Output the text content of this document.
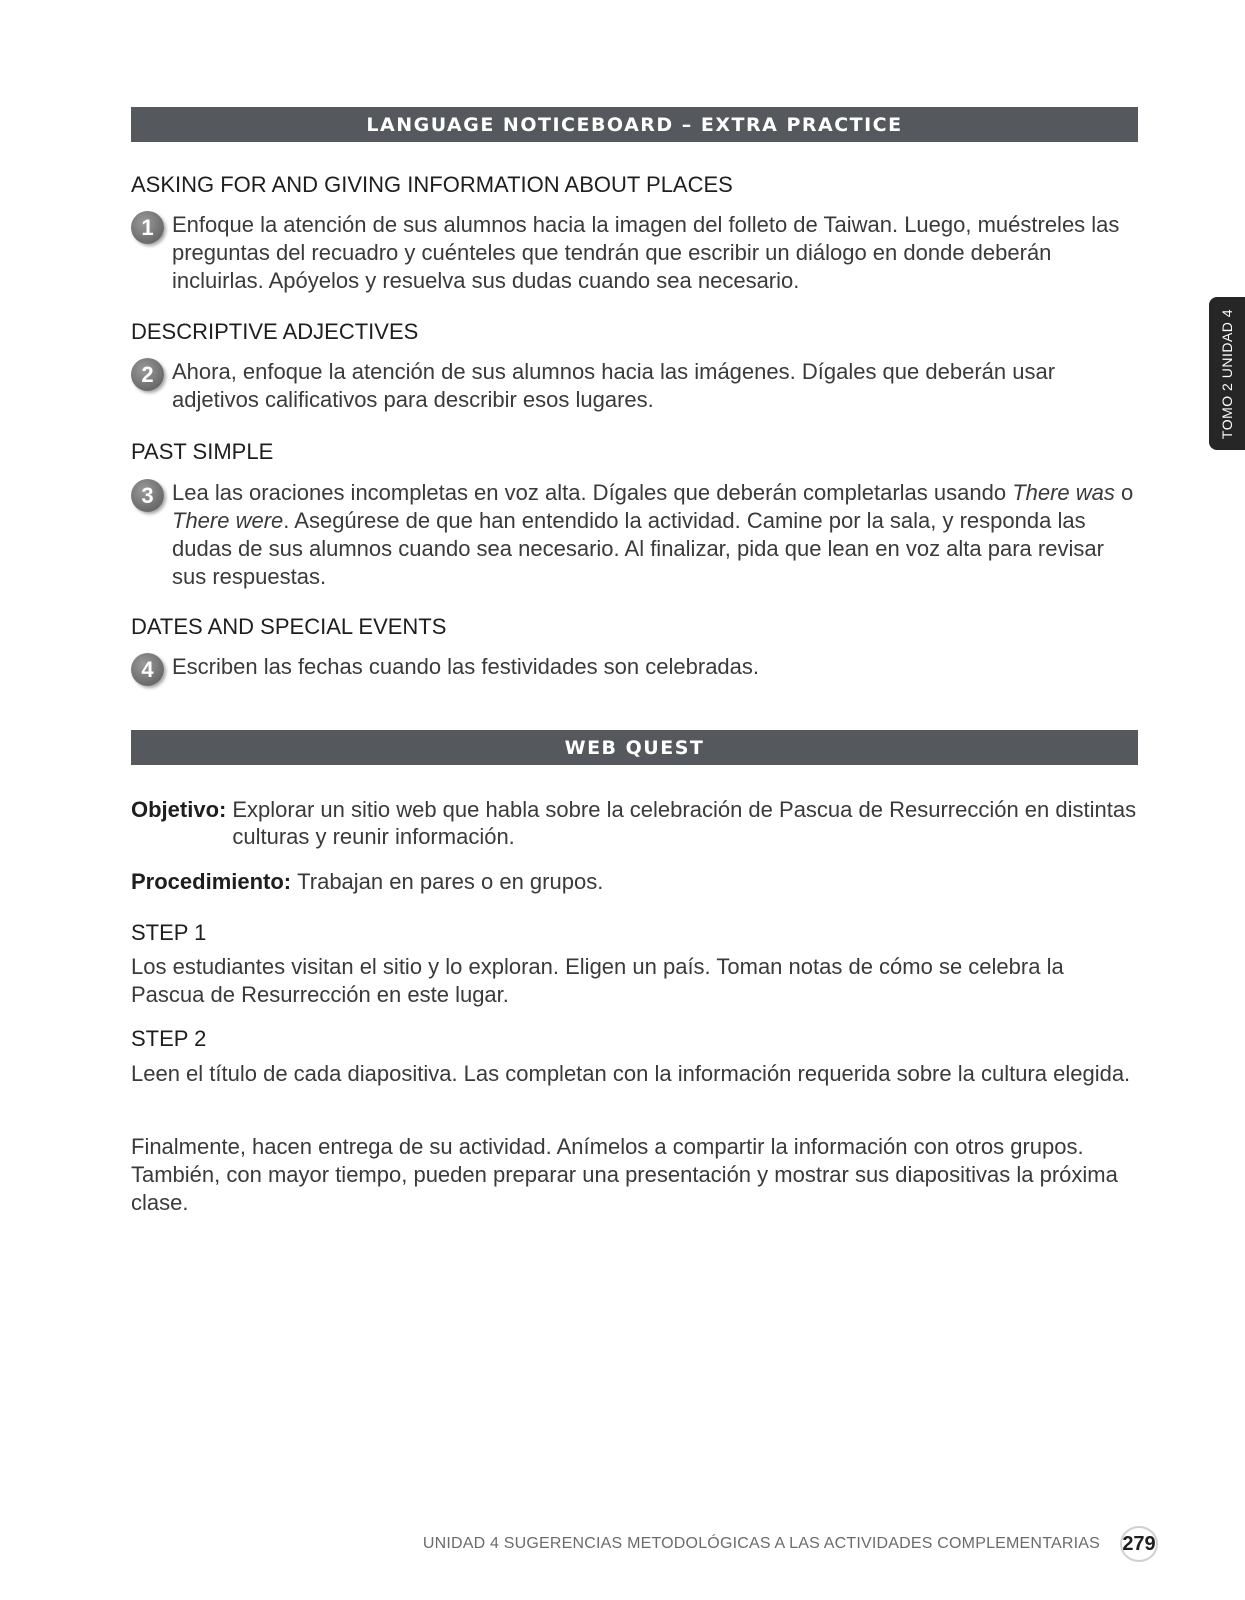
LANGUAGE NOTICEBOARD – EXTRA PRACTICE
ASKING FOR AND GIVING INFORMATION ABOUT PLACES
1 Enfoque la atención de sus alumnos hacia la imagen del folleto de Taiwan. Luego, muéstreles las preguntas del recuadro y cuénteles que tendrán que escribir un diálogo en donde deberán incluirlas. Apóyelos y resuelva sus dudas cuando sea necesario.

DESCRIPTIVE ADJECTIVES
2 Ahora, enfoque la atención de sus alumnos hacia las imágenes. Dígales que deberán usar adjetivos calificativos para describir esos lugares.

PAST SIMPLE
3 Lea las oraciones incompletas en voz alta. Dígales que deberán completarlas usando There was o There were. Asegúrese de que han entendido la actividad. Camine por la sala, y responda las dudas de sus alumnos cuando sea necesario. Al finalizar, pida que lean en voz alta para revisar sus respuestas.

DATES AND SPECIAL EVENTS
4 Escriben las fechas cuando las festividades son celebradas.

WEB QUEST
Objetivo: Explorar un sitio web que habla sobre la celebración de Pascua de Resurrección en distintas culturas y reunir información.
Procedimiento: Trabajan en pares o en grupos.
STEP 1

Los estudiantes visitan el sitio y lo exploran. Eligen un país. Toman notas de cómo se celebra la Pascua de Resurrección en este lugar.

STEP 2

Leen el título de cada diapositiva. Las completan con la información requerida sobre la cultura elegida.

Finalmente, hacen entrega de su actividad. Anímelos a compartir la información con otros grupos. También, con mayor tiempo, pueden preparar una presentación y mostrar sus diapositivas la próxima clase.

TOMO 2 UNIDAD 4
UNIDAD 4 SUGERENCIAS METODOLÓGICAS A LAS ACTIVIDADES COMPLEMENTARIAS 279
